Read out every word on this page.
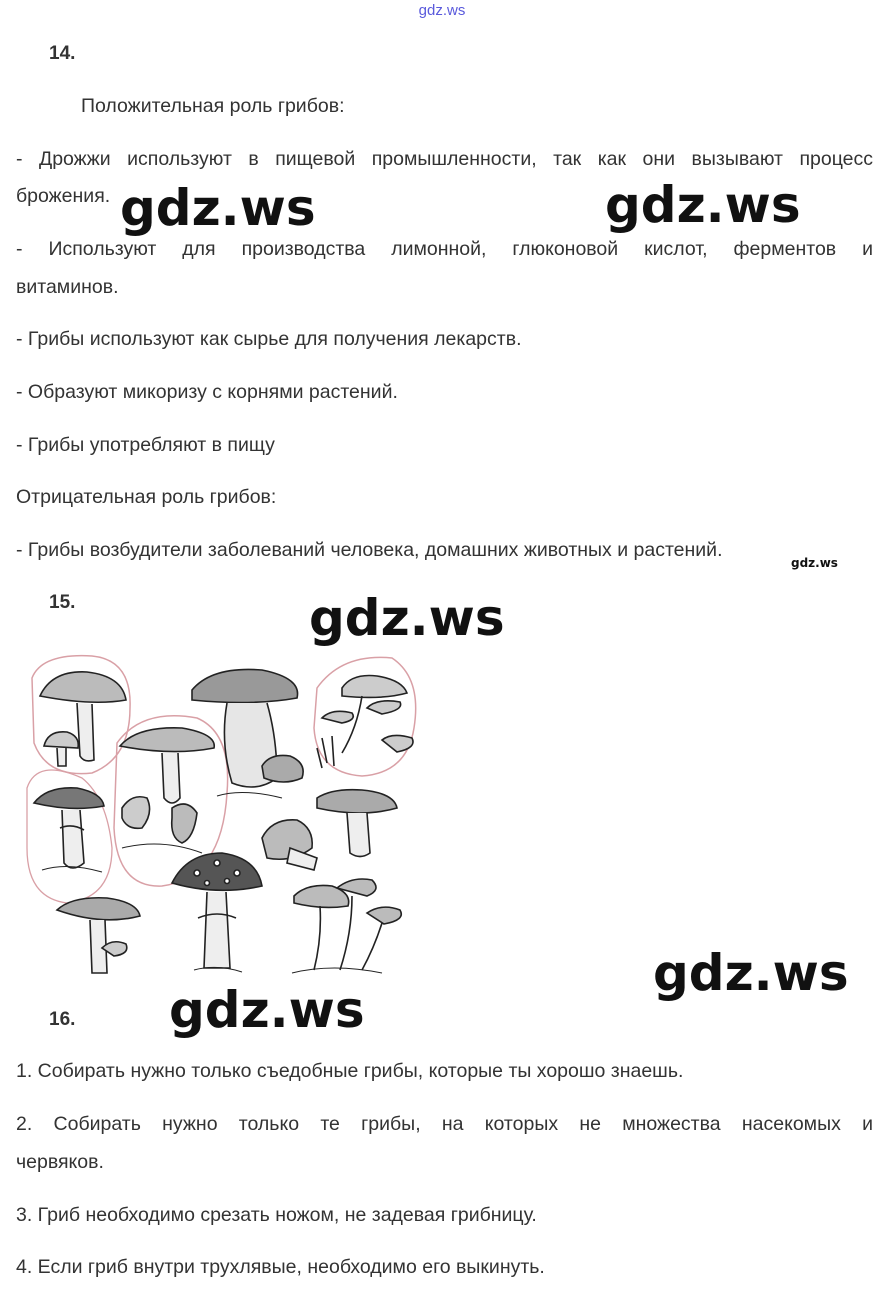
gdz.ws
14.
Положительная роль грибов:
- Дрожжи используют в пищевой промышленности, так как они вызывают процесс
брожения.
- Используют для производства лимонной, глюконовой кислот, ферментов и
витаминов.
- Грибы используют как сырье для получения лекарств.
- Образуют микоризу с корнями растений.
- Грибы употребляют в пищу
Отрицательная роль грибов:
- Грибы возбудители заболеваний человека, домашних животных и растений.
15.
16.
1. Собирать нужно только съедобные грибы, которые ты хорошо знаешь.
2. Собирать нужно только те грибы, на которых не множества насекомых и
червяков.
3. Гриб необходимо срезать ножом, не задевая грибницу.
4. Если гриб внутри трухлявые, необходимо его выкинуть.
gdz.ws	gdz.ws
gdz.ws
gdz.ws
gdz.ws
gdz.ws
